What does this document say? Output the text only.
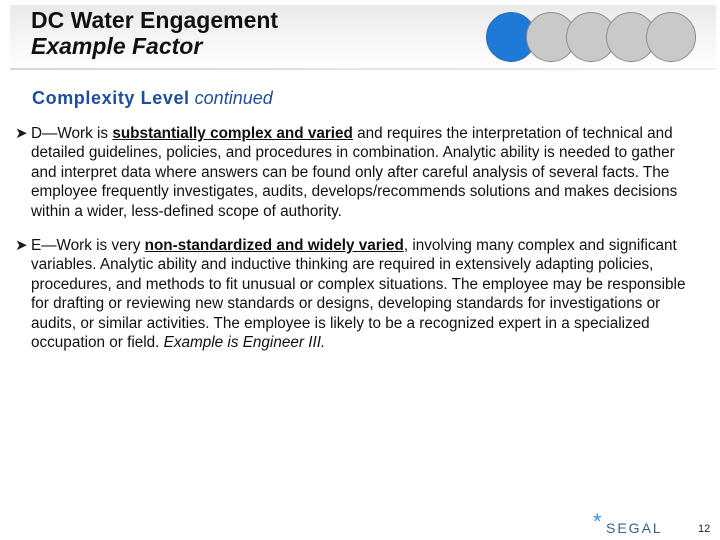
DC Water Engagement
Example Factor
Complexity Level continued

➤ D—Work is substantially complex and varied and requires the interpretation of technical and detailed guidelines, policies, and procedures in combination. Analytic ability is needed to gather and interpret data where answers can be found only after careful analysis of several facts. The employee frequently investigates, audits, develops/recommends solutions and makes decisions within a wider, less-defined scope of authority.

➤ E—Work is very non-standardized and widely varied, involving many complex and significant variables. Analytic ability and inductive thinking are required in extensively adapting policies, procedures, and methods to fit unusual or complex situations. The employee may be responsible for drafting or reviewing new standards or designs, developing standards for investigations or audits, or similar activities. The employee is likely to be a recognized expert in a specialized occupation or field. Example is Engineer III.

* SEGAL	12
